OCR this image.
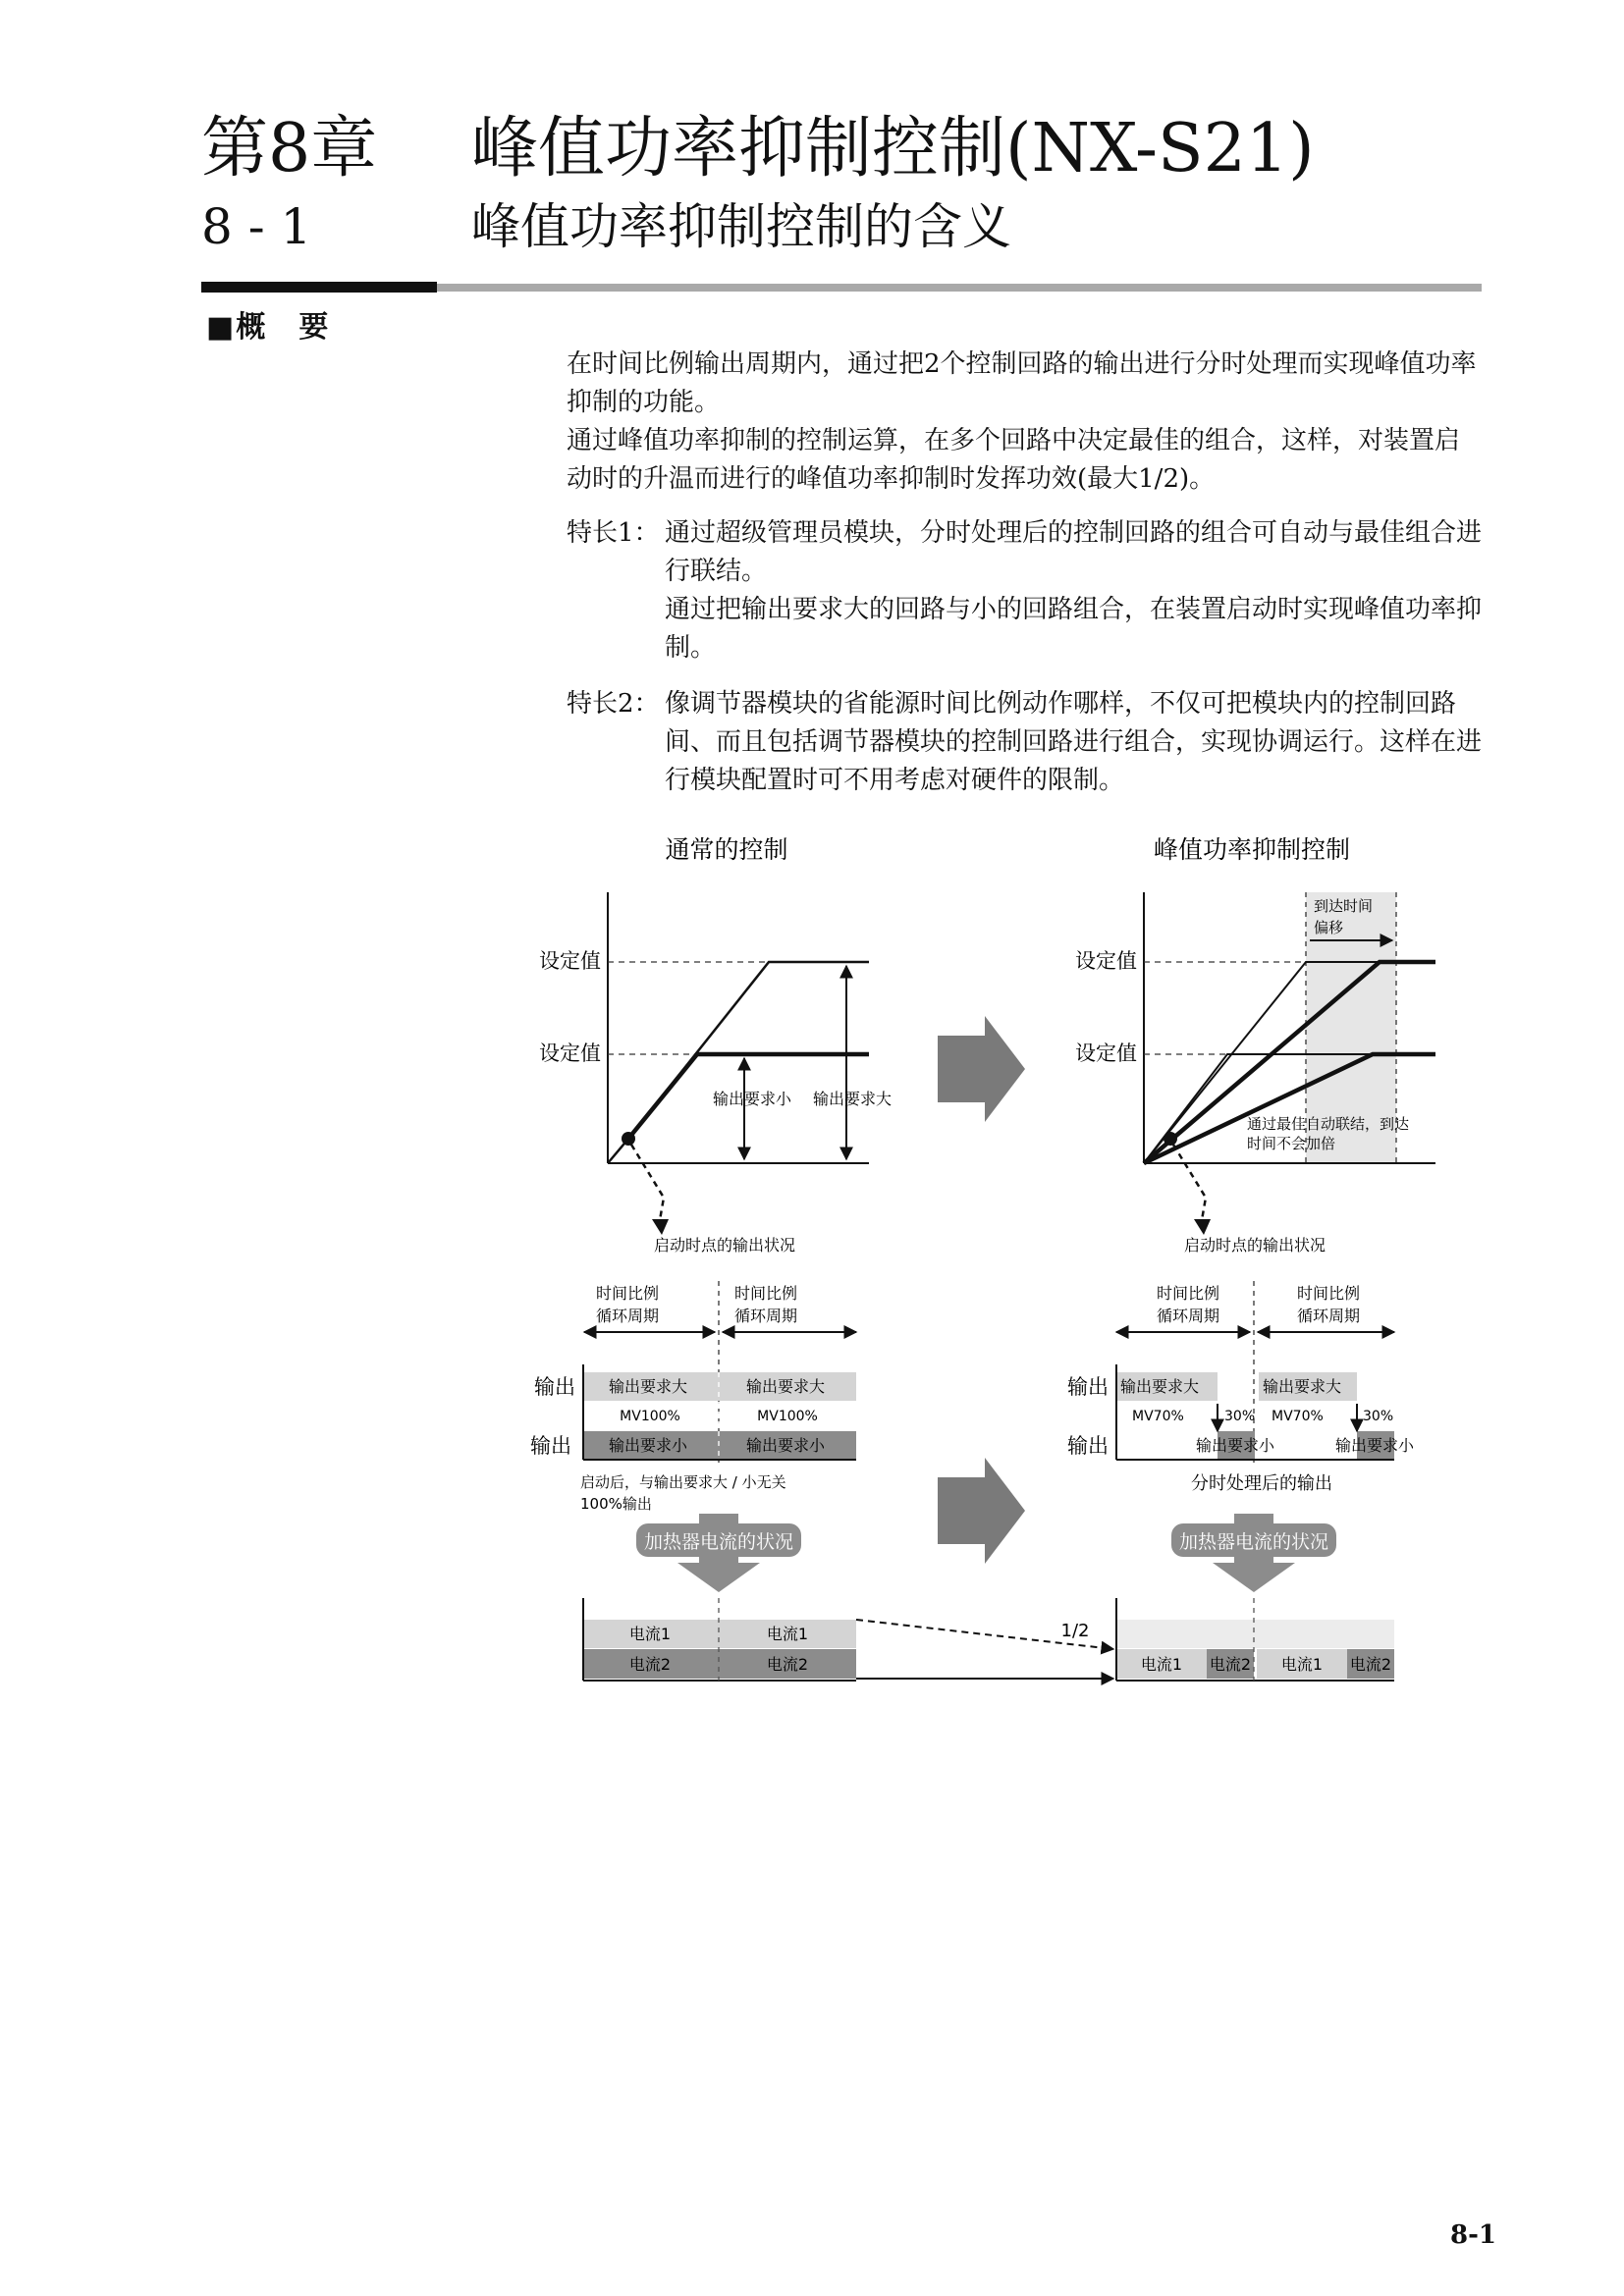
第8章 峰值功率抑制控制(NX-S21)
8 - 1	峰值功率抑制控制的含义
■概　要
在时间比例输出周期内，通过把2个控制回路的输出进行分时处理而实现峰值功率抑制的功能。
通过峰值功率抑制的控制运算，在多个回路中决定最佳的组合，这样，对装置启动时的升温而进行的峰值功率抑制时发挥功效(最大1/2)。
特长1： 通过超级管理员模块，分时处理后的控制回路的组合可自动与最佳组合进行联结。
通过把输出要求大的回路与小的回路组合，在装置启动时实现峰值功率抑制。
特长2： 像调节器模块的省能源时间比例动作哪样，不仅可把模块内的控制回路间、而且包括调节器模块的控制回路进行组合，实现协调运行。这样在进行模块配置时可不用考虑对硬件的限制。
通常的控制	峰值功率抑制控制
设定值
设定值
输出要求小 输出要求大
启动时点的输出状况
到达时间
偏移
设定值
设定值
通过最佳自动联结，到达
时间不会加倍
启动时点的输出状况
时间比例
循环周期
时间比例
循环周期
输出要求大	输出要求大
MV100%	MV100%
输出要求小	输出要求小
输出
输出
启动后，与输出要求大 / 小无关
100%输出
加热器电流的状况
时间比例
循环周期
时间比例
循环周期
输出要求大	输出要求大
MV70%	MV70%
30%	30%
输出要求小	输出要求小
输出
输出
分时处理后的输出
加热器电流的状况
电流1	电流1
电流2	电流2
1/2
电流1 电流2 电流1 电流2
8-1
